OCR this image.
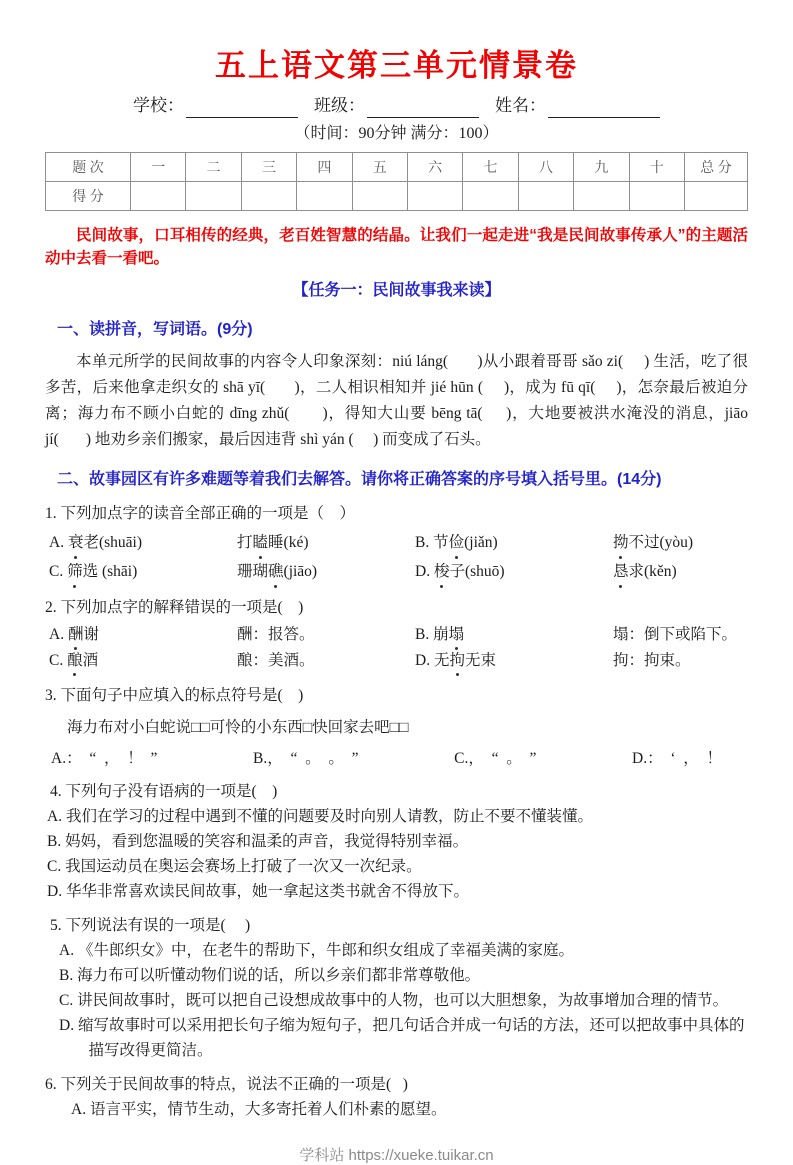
五上语文第三单元情景卷
学校：	班级：	姓名：
（时间：90分钟 满分：100）
题 次	一	二	三	四	五	六	七	八	九	十	总 分
得 分											

民间故事，口耳相传的经典，老百姓智慧的结晶。让我们一起走进“我是民间故事传承人”的主题活动中去看一看吧。

【任务一：民间故事我来读】
一、读拼音，写词语。(9分)

本单元所学的民间故事的内容令人印象深刻：niú láng(       )从小跟着哥哥 sǎo zi(     ) 生活，吃了很多苦，后来他拿走织女的 shā yī(       )，二人相识相知并 jié hūn (     )，成为 fū qī(     )，怎奈最后被迫分离；海力布不顾小白蛇的 dīng zhǔ(       )，得知大山要 bēng tā(     )，大地要被洪水淹没的消息，jiāo jí(       ) 地劝乡亲们搬家，最后因违背 shì yán (     ) 而变成了石头。

二、故事园区有许多难题等着我们去解答。请你将正确答案的序号填入括号里。(14分)
1. 下列加点字的读音全部正确的一项是（    ）
A. 衰老(shuāi)	打瞌睡(ké)	B. 节俭(jiǎn)	拗不过(yòu)
C. 筛选 (shāi)	珊瑚礁(jiāo)	D. 梭子(shuō)	恳求(kěn)
2. 下列加点字的解释错误的一项是(    )
A. 酬谢	酬：报答。	B. 崩塌	塌：倒下或陷下。
C. 酿酒	酿：美酒。	D. 无拘无束	拘：拘束。
3. 下面句子中应填入的标点符号是(    )
海力布对小白蛇说□□可怜的小东西□快回家去吧□□
A.：  “  ，  ！  ”	B.，  “  。  。  ”	C.，  “  。  ”	D.：  ‘  ，  ！
4. 下列句子没有语病的一项是(    )
A. 我们在学习的过程中遇到不懂的问题要及时向别人请教，防止不要不懂装懂。
B. 妈妈，看到您温暖的笑容和温柔的声音，我觉得特别幸福。
C. 我国运动员在奥运会赛场上打破了一次又一次纪录。
D. 华华非常喜欢读民间故事，她一拿起这类书就舍不得放下。
5. 下列说法有误的一项是(     )
A. 《牛郎织女》中，在老牛的帮助下，牛郎和织女组成了幸福美满的家庭。
B. 海力布可以听懂动物们说的话，所以乡亲们都非常尊敬他。
C. 讲民间故事时，既可以把自己设想成故事中的人物，也可以大胆想象，为故事增加合理的情节。
D. 缩写故事时可以采用把长句子缩为短句子，把几句话合并成一句话的方法，还可以把故事中具体的描写改得更简洁。
6. 下列关于民间故事的特点，说法不正确的一项是(   )
A. 语言平实，情节生动，大多寄托着人们朴素的愿望。
学科站 https://xueke.tuikar.cn
